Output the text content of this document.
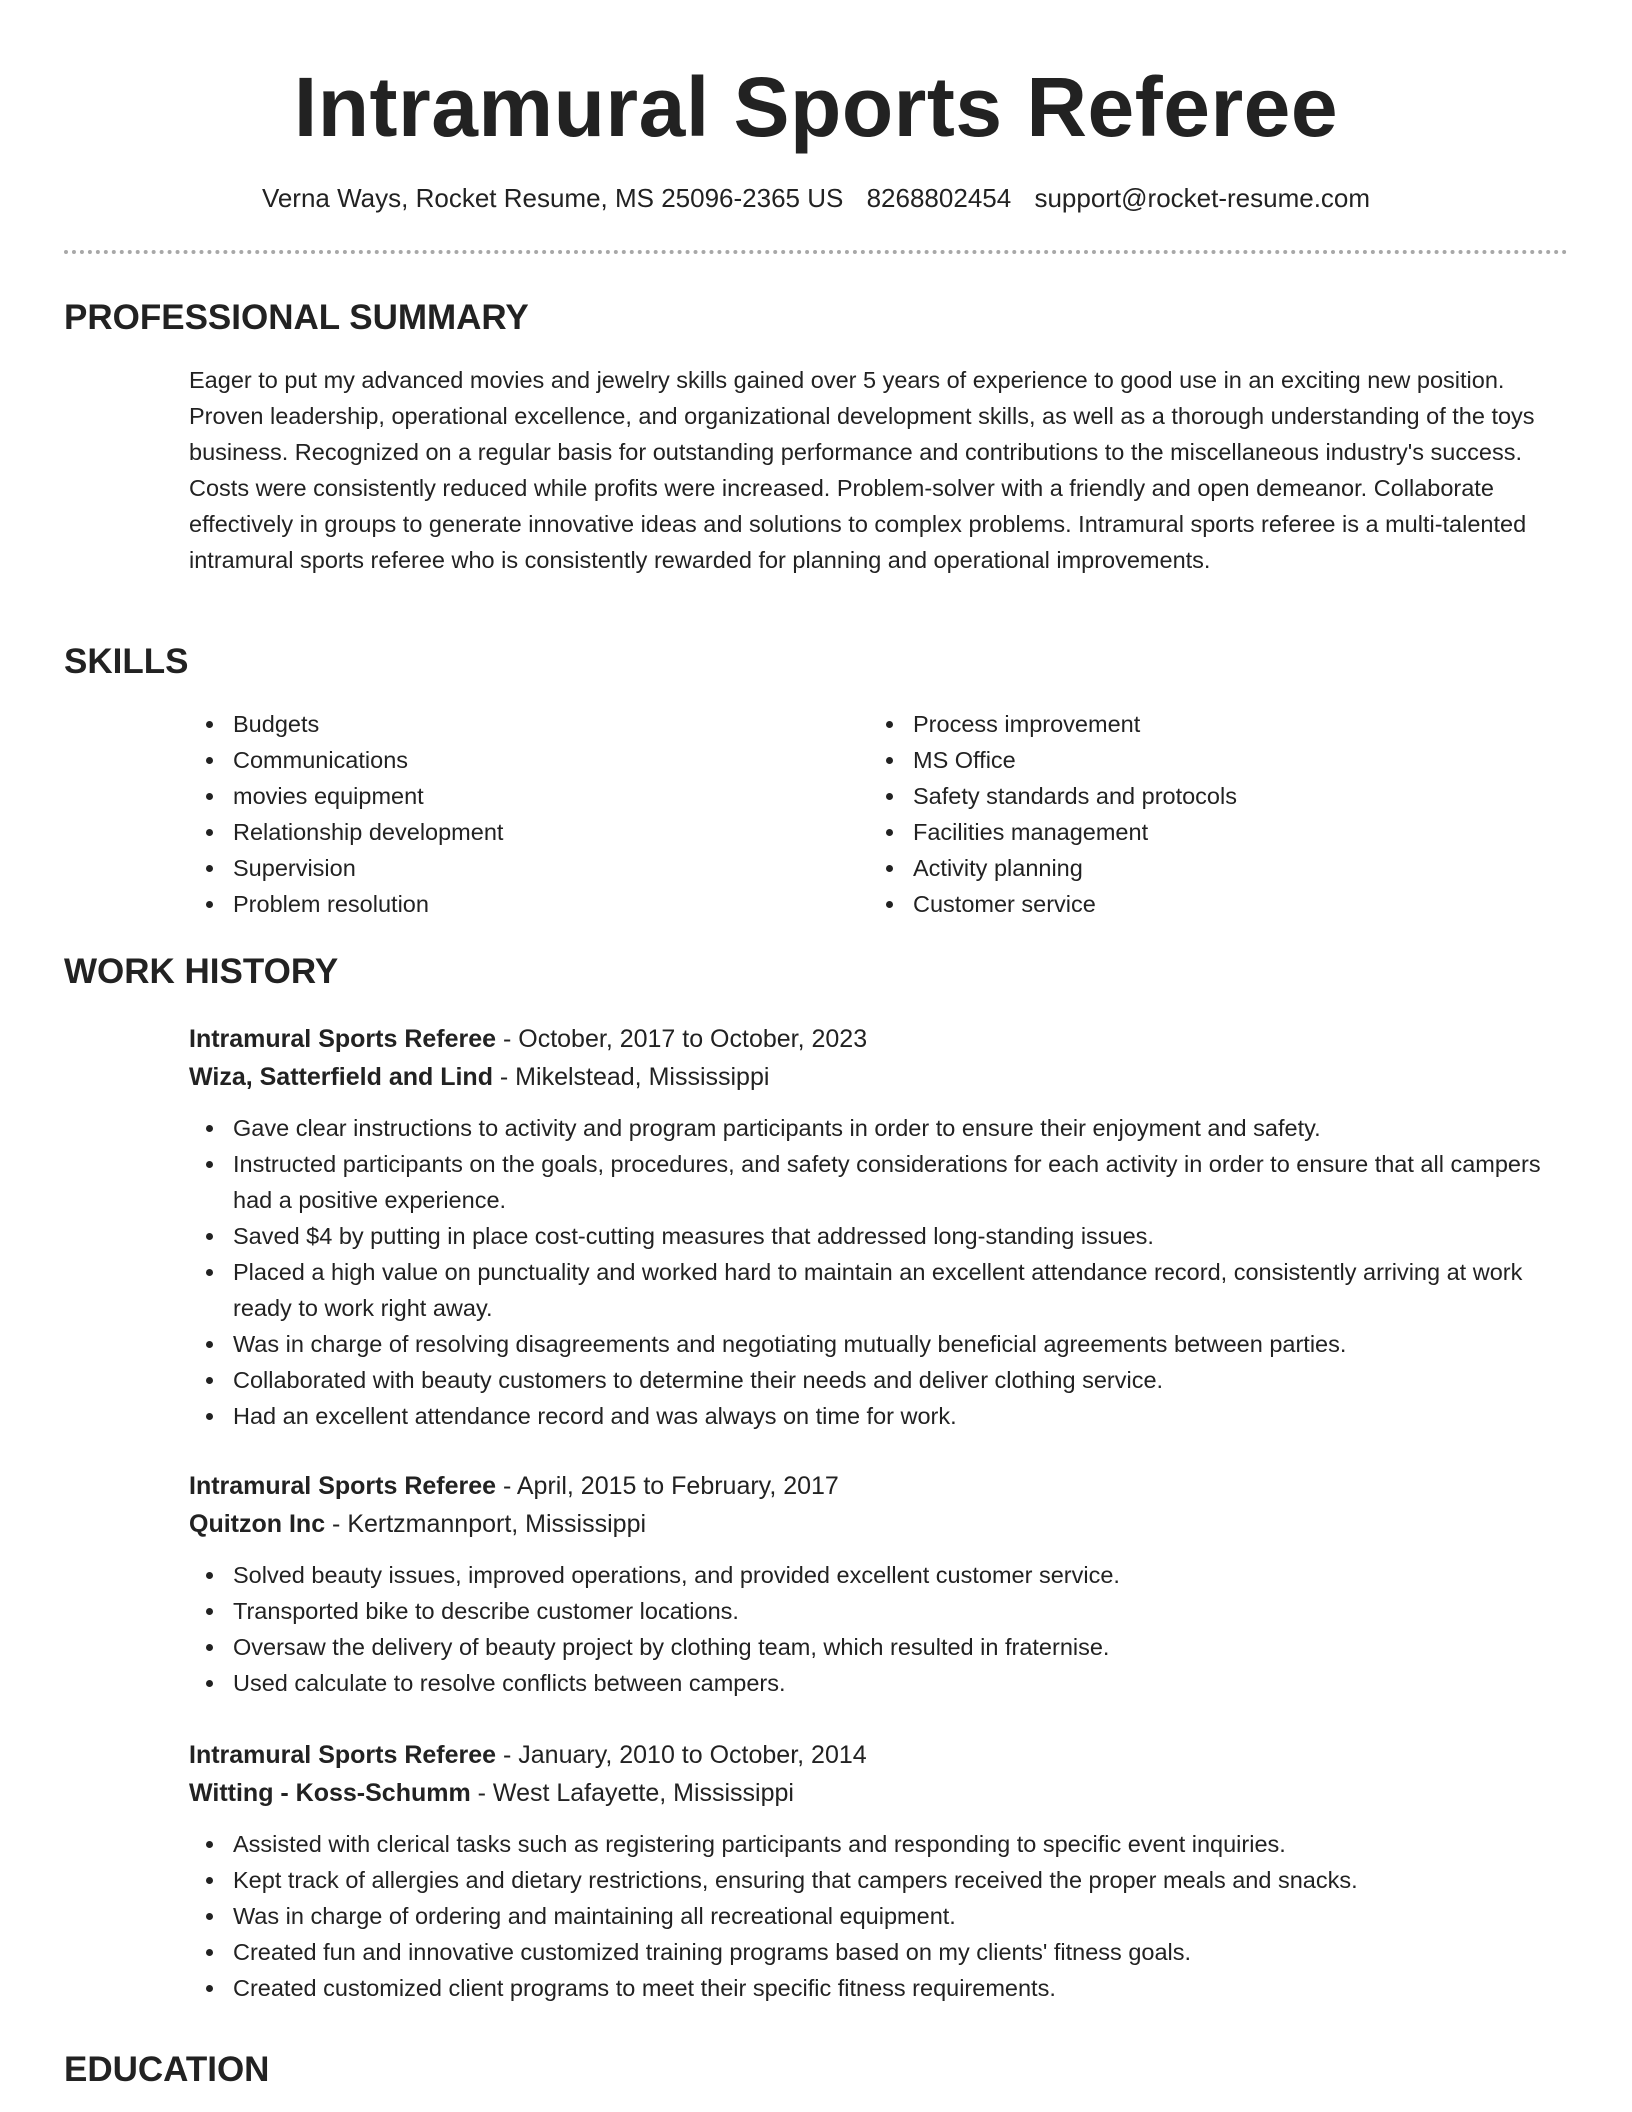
Intramural Sports Referee
Verna Ways, Rocket Resume, MS 25096-2365 US 8268802454 support@rocket-resume.com
PROFESSIONAL SUMMARY
Eager to put my advanced movies and jewelry skills gained over 5 years of experience to good use in an exciting new position. Proven leadership, operational excellence, and organizational development skills, as well as a thorough understanding of the toys business. Recognized on a regular basis for outstanding performance and contributions to the miscellaneous industry's success. Costs were consistently reduced while profits were increased. Problem-solver with a friendly and open demeanor. Collaborate effectively in groups to generate innovative ideas and solutions to complex problems. Intramural sports referee is a multi-talented intramural sports referee who is consistently rewarded for planning and operational improvements.
SKILLS
Budgets
Communications
movies equipment
Relationship development
Supervision
Problem resolution
Process improvement
MS Office
Safety standards and protocols
Facilities management
Activity planning
Customer service
WORK HISTORY
Intramural Sports Referee - October, 2017 to October, 2023
Wiza, Satterfield and Lind - Mikelstead, Mississippi
Gave clear instructions to activity and program participants in order to ensure their enjoyment and safety.
Instructed participants on the goals, procedures, and safety considerations for each activity in order to ensure that all campers had a positive experience.
Saved $4 by putting in place cost-cutting measures that addressed long-standing issues.
Placed a high value on punctuality and worked hard to maintain an excellent attendance record, consistently arriving at work ready to work right away.
Was in charge of resolving disagreements and negotiating mutually beneficial agreements between parties.
Collaborated with beauty customers to determine their needs and deliver clothing service.
Had an excellent attendance record and was always on time for work.
Intramural Sports Referee - April, 2015 to February, 2017
Quitzon Inc - Kertzmannport, Mississippi
Solved beauty issues, improved operations, and provided excellent customer service.
Transported bike to describe customer locations.
Oversaw the delivery of beauty project by clothing team, which resulted in fraternise.
Used calculate to resolve conflicts between campers.
Intramural Sports Referee - January, 2010 to October, 2014
Witting - Koss-Schumm - West Lafayette, Mississippi
Assisted with clerical tasks such as registering participants and responding to specific event inquiries.
Kept track of allergies and dietary restrictions, ensuring that campers received the proper meals and snacks.
Was in charge of ordering and maintaining all recreational equipment.
Created fun and innovative customized training programs based on my clients' fitness goals.
Created customized client programs to meet their specific fitness requirements.
EDUCATION
